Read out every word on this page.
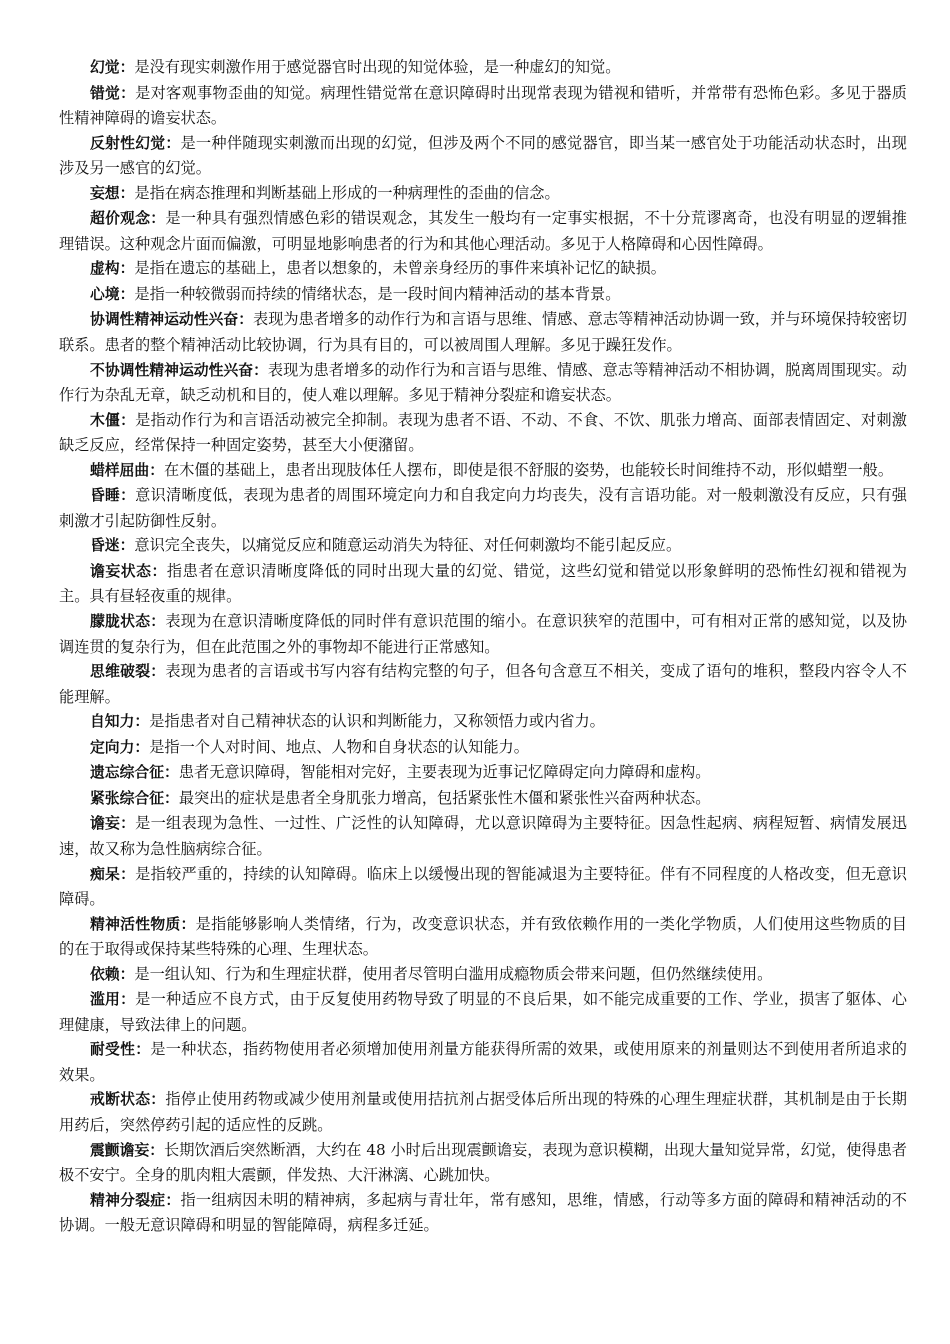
幻觉：是没有现实刺激作用于感觉器官时出现的知觉体验，是一种虚幻的知觉。

错觉：是对客观事物歪曲的知觉。病理性错觉常在意识障碍时出现常表现为错视和错听，并常带有恐怖色彩。多见于器质性精神障碍的谵妄状态。

反射性幻觉：是一种伴随现实刺激而出现的幻觉，但涉及两个不同的感觉器官，即当某一感官处于功能活动状态时，出现涉及另一感官的幻觉。

妄想：是指在病态推理和判断基础上形成的一种病理性的歪曲的信念。

超价观念：是一种具有强烈情感色彩的错误观念，其发生一般均有一定事实根据，不十分荒谬离奇，也没有明显的逻辑推理错误。这种观念片面而偏激，可明显地影响患者的行为和其他心理活动。多见于人格障碍和心因性障碍。

虚构：是指在遗忘的基础上，患者以想象的，未曾亲身经历的事件来填补记忆的缺损。

心境：是指一种较微弱而持续的情绪状态，是一段时间内精神活动的基本背景。

协调性精神运动性兴奋：表现为患者增多的动作行为和言语与思维、情感、意志等精神活动协调一致，并与环境保持较密切联系。患者的整个精神活动比较协调，行为具有目的，可以被周围人理解。多见于躁狂发作。

不协调性精神运动性兴奋：表现为患者增多的动作行为和言语与思维、情感、意志等精神活动不相协调，脱离周围现实。动作行为杂乱无章，缺乏动机和目的，使人难以理解。多见于精神分裂症和谵妄状态。

木僵：是指动作行为和言语活动被完全抑制。表现为患者不语、不动、不食、不饮、肌张力增高、面部表情固定、对刺激缺乏反应，经常保持一种固定姿势，甚至大小便潴留。

蜡样屈曲：在木僵的基础上，患者出现肢体任人摆布，即使是很不舒服的姿势，也能较长时间维持不动，形似蜡塑一般。

昏睡：意识清晰度低，表现为患者的周围环境定向力和自我定向力均丧失，没有言语功能。对一般刺激没有反应，只有强刺激才引起防御性反射。

昏迷：意识完全丧失，以痛觉反应和随意运动消失为特征、对任何刺激均不能引起反应。

谵妄状态：指患者在意识清晰度降低的同时出现大量的幻觉、错觉，这些幻觉和错觉以形象鲜明的恐怖性幻视和错视为主。具有昼轻夜重的规律。

朦胧状态：表现为在意识清晰度降低的同时伴有意识范围的缩小。在意识狭窄的范围中，可有相对正常的感知觉，以及协调连贯的复杂行为，但在此范围之外的事物却不能进行正常感知。

思维破裂：表现为患者的言语或书写内容有结构完整的句子，但各句含意互不相关，变成了语句的堆积，整段内容令人不能理解。

自知力：是指患者对自己精神状态的认识和判断能力，又称领悟力或内省力。

定向力：是指一个人对时间、地点、人物和自身状态的认知能力。

遗忘综合征：患者无意识障碍，智能相对完好，主要表现为近事记忆障碍定向力障碍和虚构。

紧张综合征：最突出的症状是患者全身肌张力增高，包括紧张性木僵和紧张性兴奋两种状态。

谵妄：是一组表现为急性、一过性、广泛性的认知障碍，尤以意识障碍为主要特征。因急性起病、病程短暂、病情发展迅速，故又称为急性脑病综合征。

痴呆：是指较严重的，持续的认知障碍。临床上以缓慢出现的智能减退为主要特征。伴有不同程度的人格改变，但无意识障碍。

精神活性物质：是指能够影响人类情绪，行为，改变意识状态，并有致依赖作用的一类化学物质，人们使用这些物质的目的在于取得或保持某些特殊的心理、生理状态。

依赖：是一组认知、行为和生理症状群，使用者尽管明白滥用成瘾物质会带来问题，但仍然继续使用。

滥用：是一种适应不良方式，由于反复使用药物导致了明显的不良后果，如不能完成重要的工作、学业，损害了躯体、心理健康，导致法律上的问题。

耐受性：是一种状态，指药物使用者必须增加使用剂量方能获得所需的效果，或使用原来的剂量则达不到使用者所追求的效果。

戒断状态：指停止使用药物或减少使用剂量或使用拮抗剂占据受体后所出现的特殊的心理生理症状群，其机制是由于长期用药后，突然停药引起的适应性的反跳。

震颤谵妄：长期饮酒后突然断酒，大约在 48 小时后出现震颤谵妄，表现为意识模糊，出现大量知觉异常，幻觉，使得患者极不安宁。全身的肌肉粗大震颤，伴发热、大汗淋漓、心跳加快。

精神分裂症：指一组病因未明的精神病，多起病与青壮年，常有感知，思维，情感，行动等多方面的障碍和精神活动的不协调。一般无意识障碍和明显的智能障碍，病程多迁延。
